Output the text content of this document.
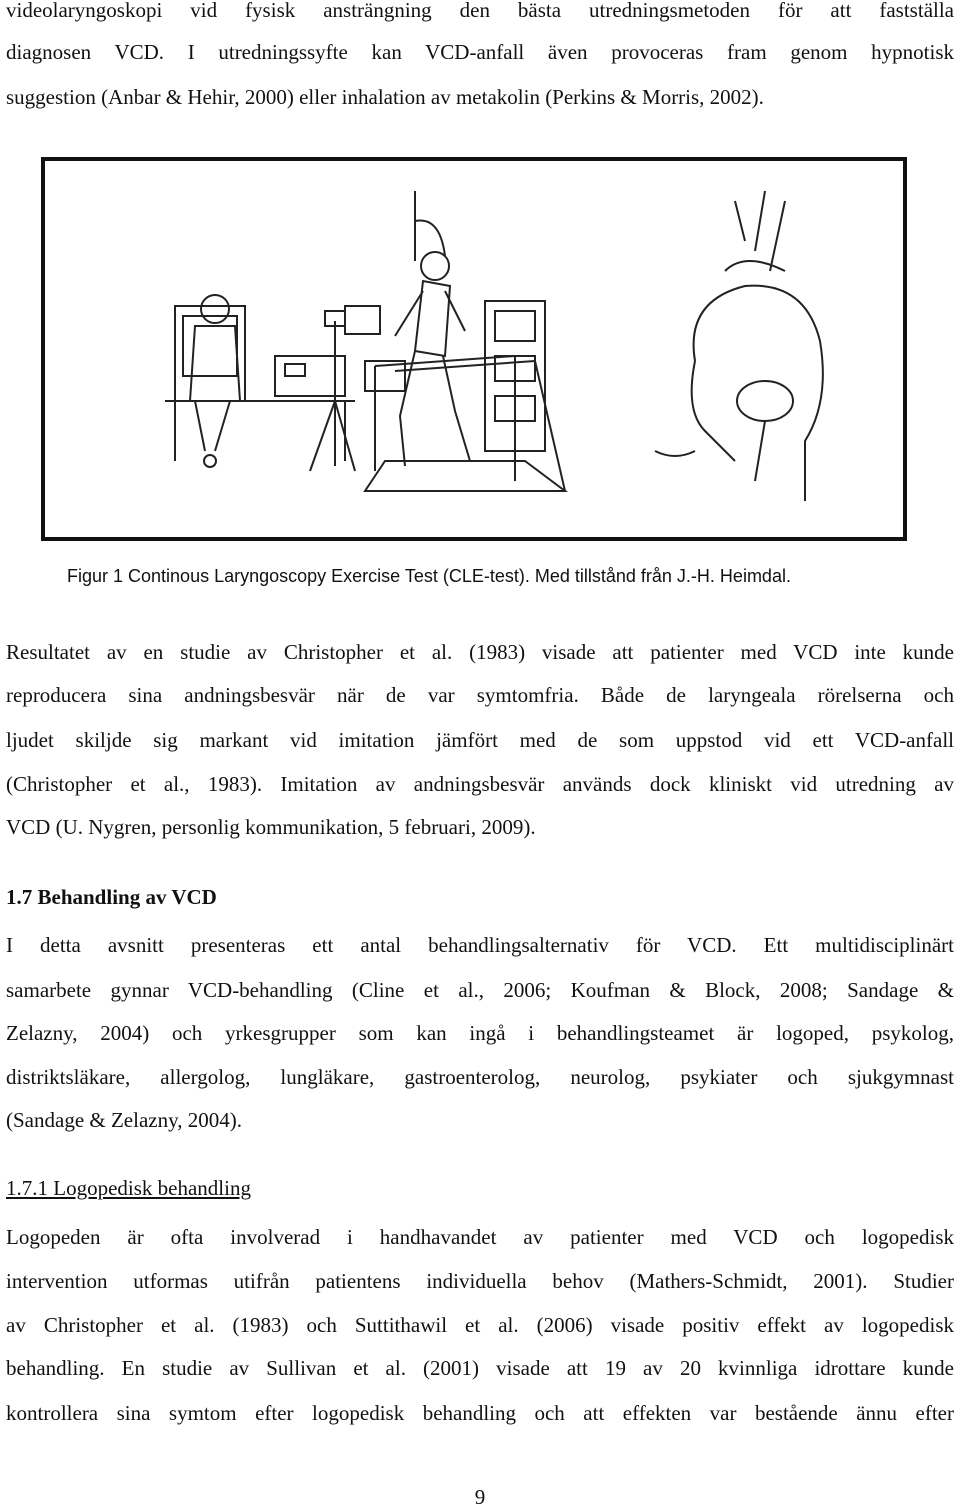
videolaryngoskopi vid fysisk ansträngning den bästa utredningsmetoden för att fastställa
diagnosen VCD. I utredningssyfte kan VCD-anfall även provoceras fram genom hypnotisk
suggestion (Anbar & Hehir, 2000) eller inhalation av metakolin (Perkins & Morris, 2002).
Figur 1 Continous Laryngoscopy Exercise Test (CLE-test). Med tillstånd från J.-H. Heimdal.
Resultatet av en studie av Christopher et al. (1983) visade att patienter med VCD inte kunde
reproducera sina andningsbesvär när de var symtomfria. Både de laryngeala rörelserna och
ljudet skiljde sig markant vid imitation jämfört med de som uppstod vid ett VCD-anfall
(Christopher et al., 1983). Imitation av andningsbesvär används dock kliniskt vid utredning av
VCD (U. Nygren, personlig kommunikation, 5 februari, 2009).
1.7 Behandling av VCD
I detta avsnitt presenteras ett antal behandlingsalternativ för VCD. Ett multidisciplinärt
samarbete gynnar VCD-behandling (Cline et al., 2006; Koufman & Block, 2008; Sandage &
Zelazny, 2004) och yrkesgrupper som kan ingå i behandlingsteamet är logoped, psykolog,
distriktsläkare, allergolog, lungläkare, gastroenterolog, neurolog, psykiater och sjukgymnast
(Sandage & Zelazny, 2004).
1.7.1 Logopedisk behandling
Logopeden är ofta involverad i handhavandet av patienter med VCD och logopedisk
intervention utformas utifrån patientens individuella behov (Mathers-Schmidt, 2001). Studier
av Christopher et al. (1983) och Suttithawil et al. (2006) visade positiv effekt av logopedisk
behandling. En studie av Sullivan et al. (2001) visade att 19 av 20 kvinnliga idrottare kunde
kontrollera sina symtom efter logopedisk behandling och att effekten var bestående ännu efter
9
